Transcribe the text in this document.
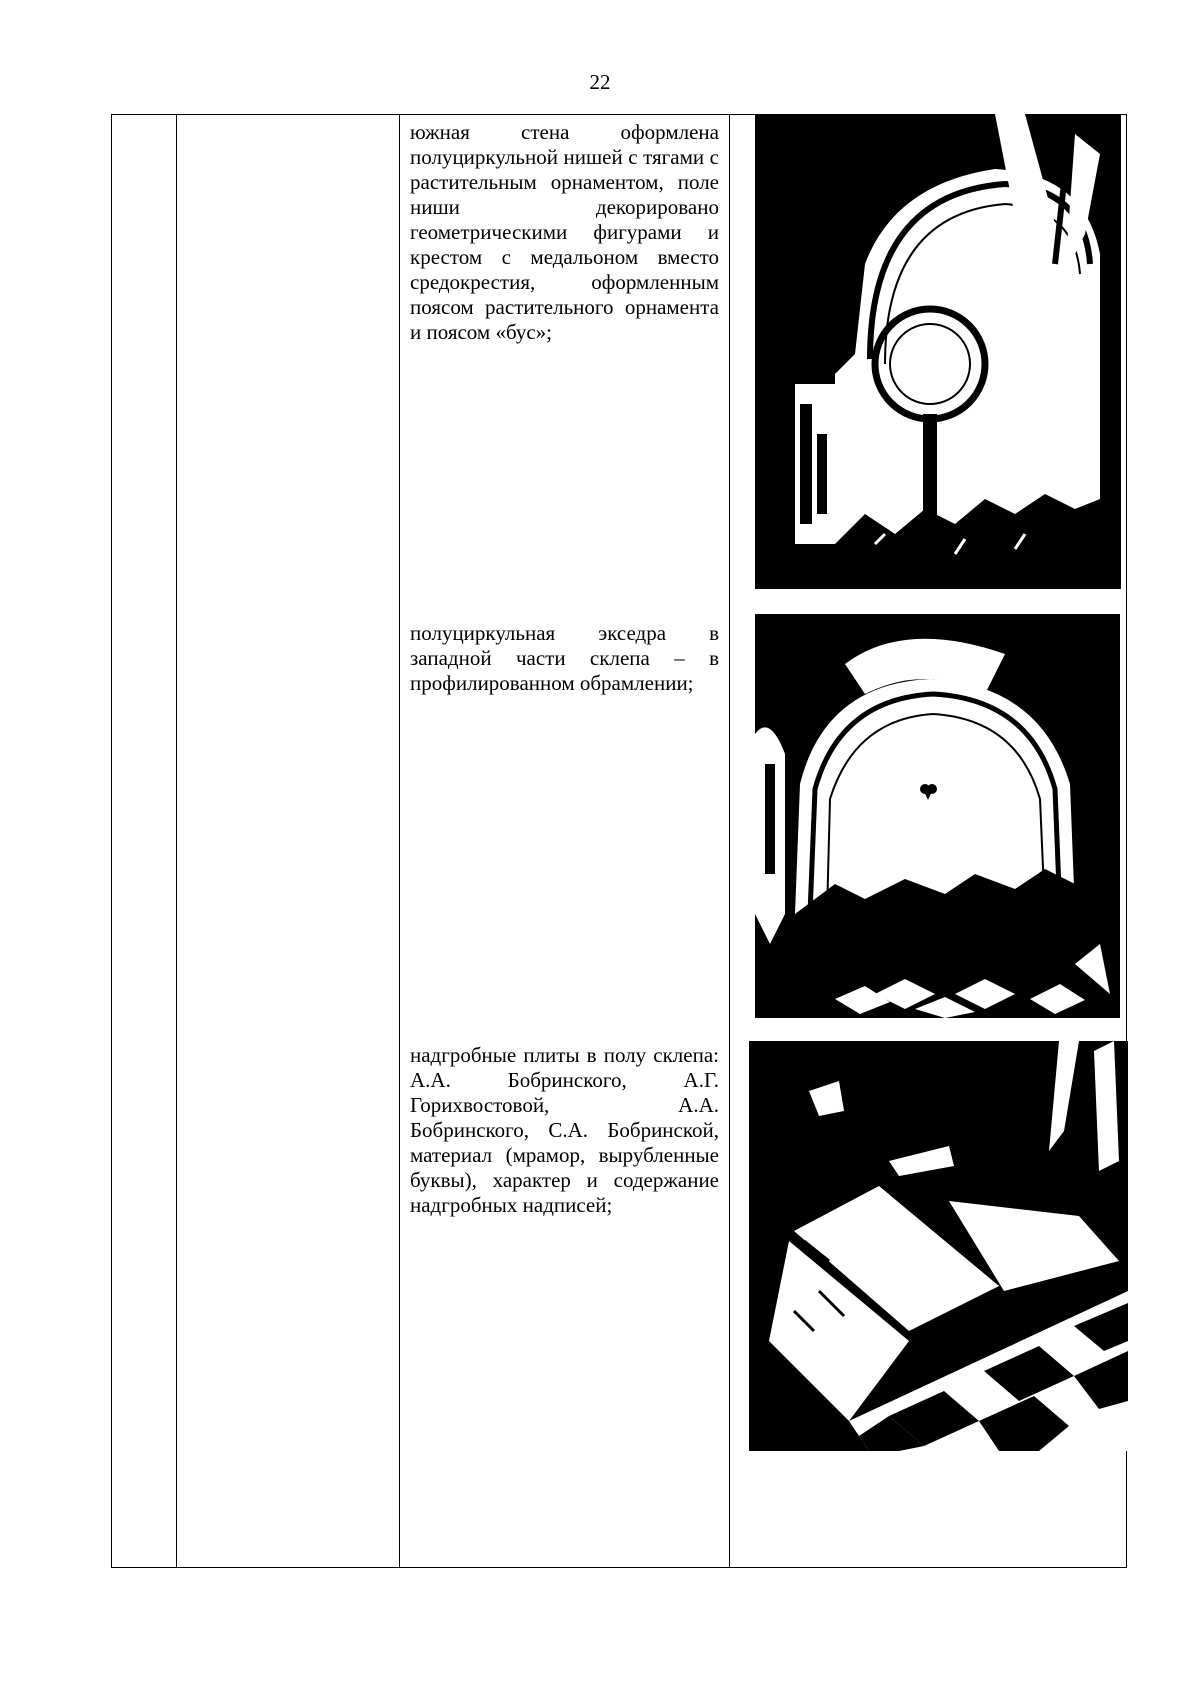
22

южная стена оформлена полуциркульной нишей с тягами с растительным орнаментом, поле ниши декорировано геометрическими фигурами и крестом с медальоном вместо средокрестия, оформленным поясом растительного орнамента и поясом «бус»;

полуциркульная экседра в западной части склепа – в профилированном обрамлении;

надгробные плиты в полу склепа: А.А. Бобринского, А.Г. Горихвостовой, А.А. Бобринского, С.А. Бобринской, материал (мрамор, вырубленные буквы), характер и содержание надгробных надписей;
